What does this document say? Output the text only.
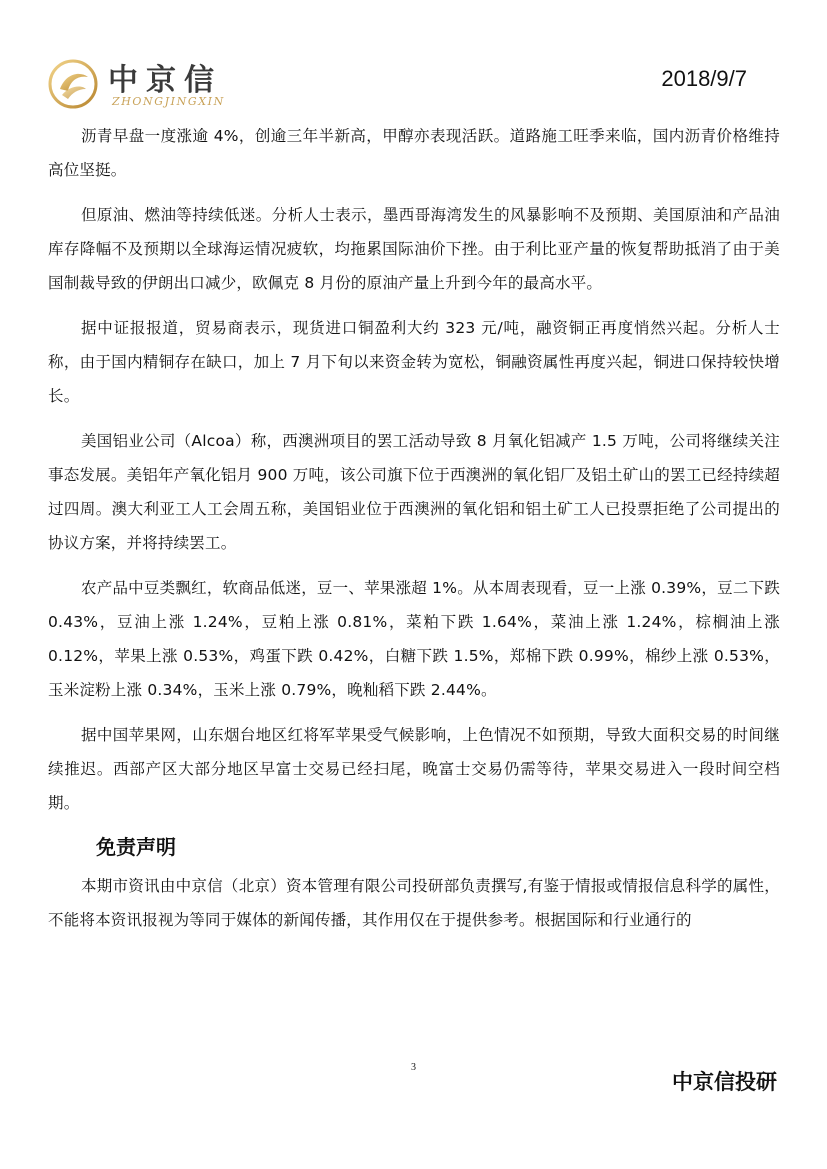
中京信
ZHONGJINGXIN
2018/9/7

沥青早盘一度涨逾 4%，创逾三年半新高，甲醇亦表现活跃。道路施工旺季来临，国内沥青价格维持高位坚挺。

但原油、燃油等持续低迷。分析人士表示，墨西哥海湾发生的风暴影响不及预期、美国原油和产品油库存降幅不及预期以全球海运情况疲软，均拖累国际油价下挫。由于利比亚产量的恢复帮助抵消了由于美国制裁导致的伊朗出口减少，欧佩克 8 月份的原油产量上升到今年的最高水平。

据中证报报道，贸易商表示，现货进口铜盈利大约 323 元/吨，融资铜正再度悄然兴起。分析人士称，由于国内精铜存在缺口，加上 7 月下旬以来资金转为宽松，铜融资属性再度兴起，铜进口保持较快增长。

美国铝业公司（Alcoa）称，西澳洲项目的罢工活动导致 8 月氧化铝减产 1.5 万吨，公司将继续关注事态发展。美铝年产氧化铝月 900 万吨，该公司旗下位于西澳洲的氧化铝厂及铝土矿山的罢工已经持续超过四周。澳大利亚工人工会周五称，美国铝业位于西澳洲的氧化铝和铝土矿工人已投票拒绝了公司提出的协议方案，并将持续罢工。

农产品中豆类飘红，软商品低迷，豆一、苹果涨超 1%。从本周表现看，豆一上涨 0.39%，豆二下跌 0.43%，豆油上涨 1.24%，豆粕上涨 0.81%，菜粕下跌 1.64%，菜油上涨 1.24%，棕榈油上涨 0.12%，苹果上涨 0.53%，鸡蛋下跌 0.42%，白糖下跌 1.5%，郑棉下跌 0.99%，棉纱上涨 0.53%，玉米淀粉上涨 0.34%，玉米上涨 0.79%，晚籼稻下跌 2.44%。

据中国苹果网，山东烟台地区红将军苹果受气候影响，上色情况不如预期，导致大面积交易的时间继续推迟。西部产区大部分地区早富士交易已经扫尾，晚富士交易仍需等待，苹果交易进入一段时间空档期。

免责声明

本期市资讯由中京信（北京）资本管理有限公司投研部负责撰写,有鉴于情报或情报信息科学的属性，不能将本资讯报视为等同于媒体的新闻传播，其作用仅在于提供参考。根据国际和行业通行的

3
中京信投研
